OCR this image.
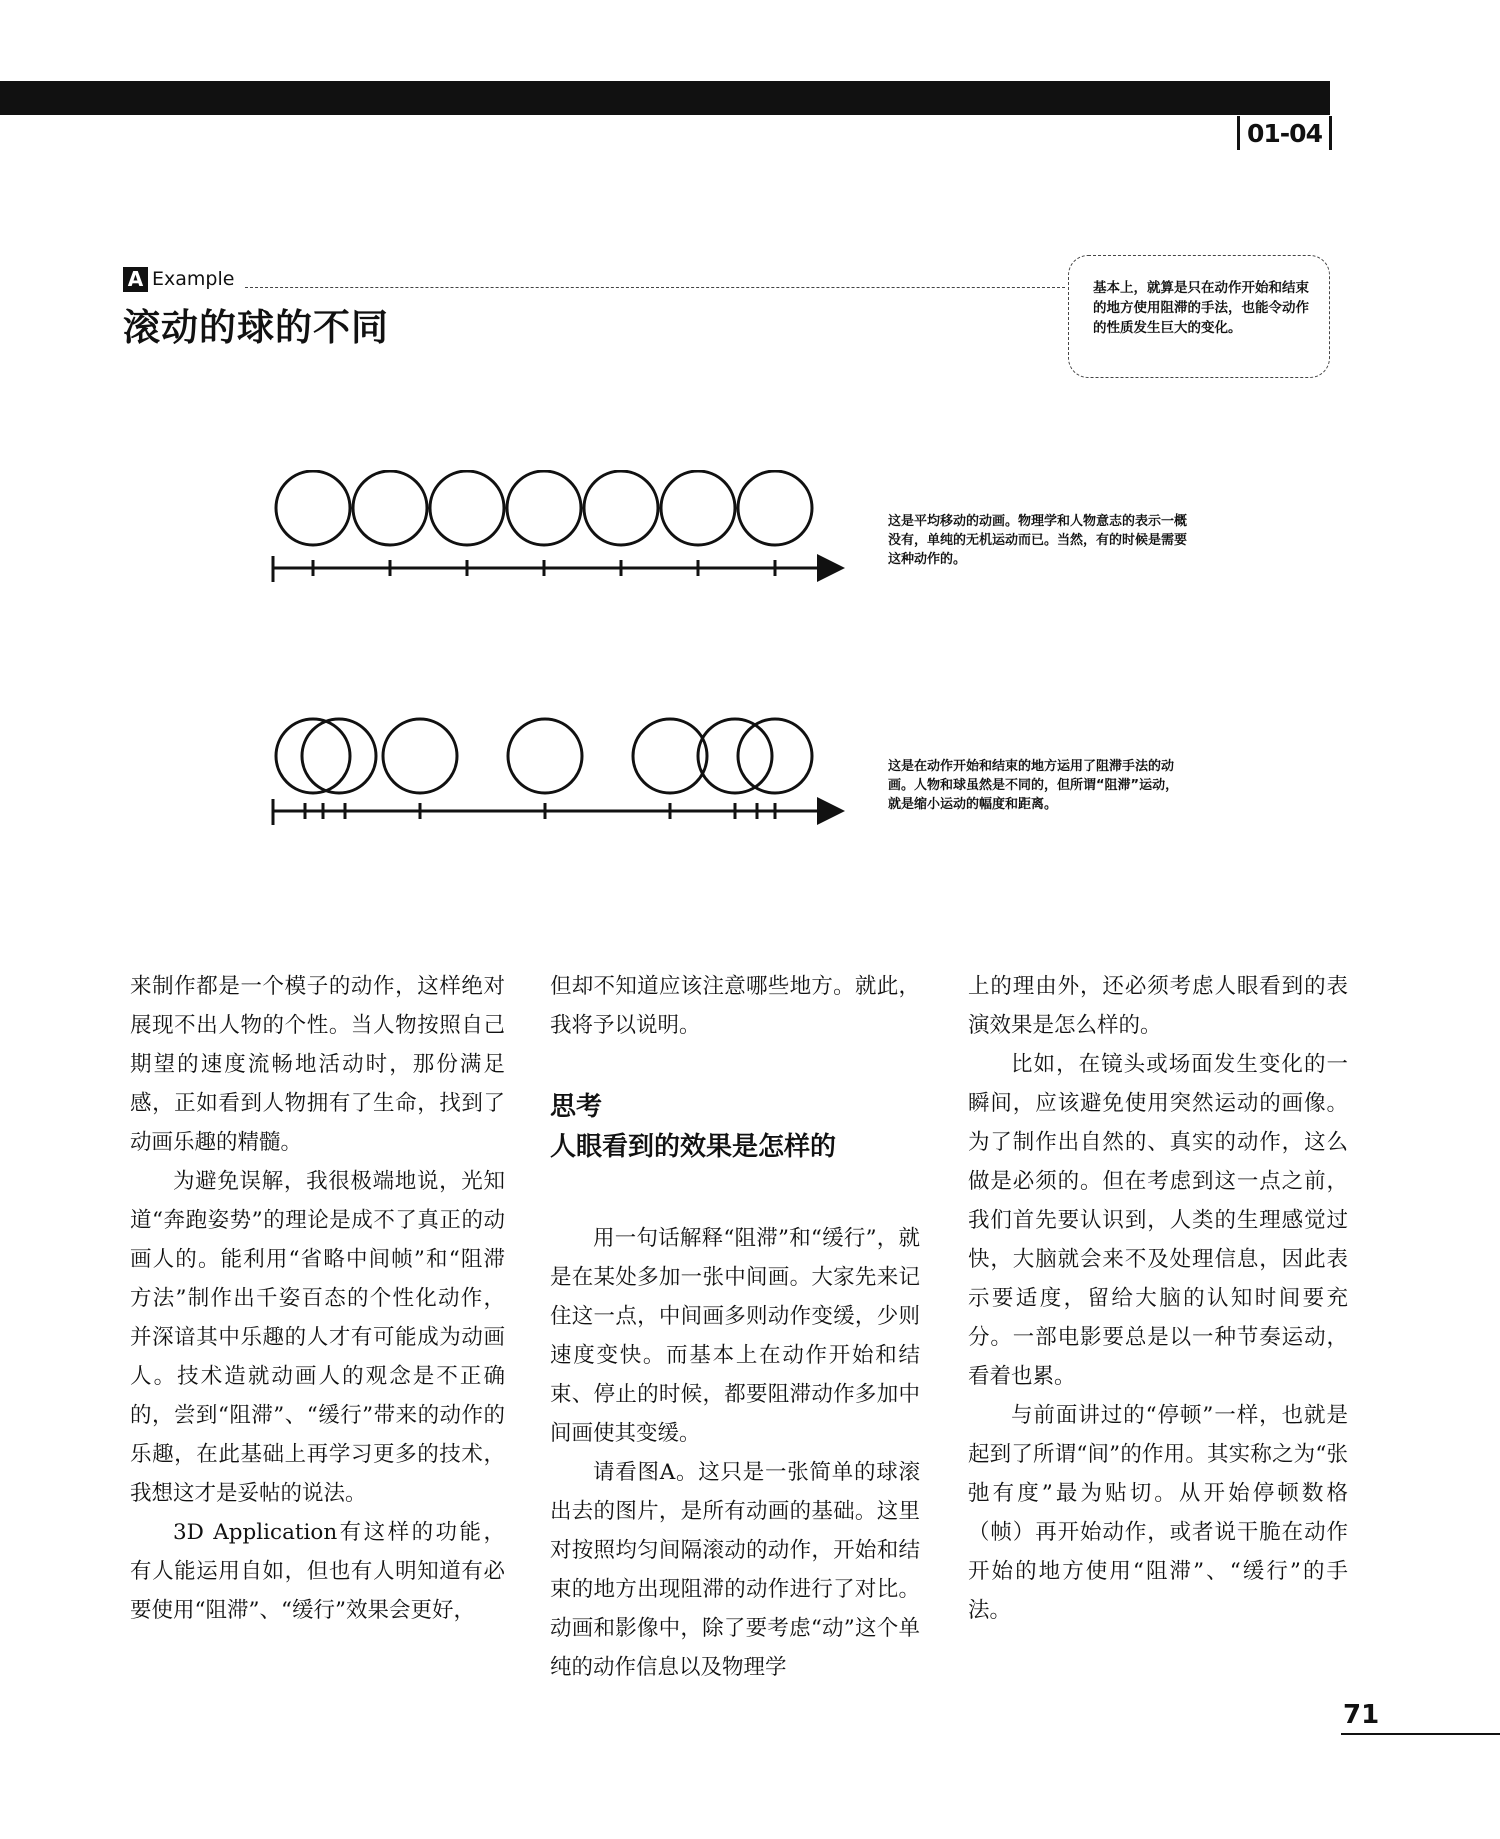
01-04
A Example
滚动的球的不同
基本上，就算是只在动作开始和结束的地方使用阻滞的手法，也能令动作的性质发生巨大的变化。
这是平均移动的动画。物理学和人物意志的表示一概没有，单纯的无机运动而已。当然，有的时候是需要这种动作的。
这是在动作开始和结束的地方运用了阻滞手法的动画。人物和球虽然是不同的，但所谓“阻滞”运动，就是缩小运动的幅度和距离。

来制作都是一个模子的动作，这样绝对展现不出人物的个性。当人物按照自己期望的速度流畅地活动时，那份满足感，正如看到人物拥有了生命，找到了动画乐趣的精髓。

为避免误解，我很极端地说，光知道“奔跑姿势”的理论是成不了真正的动画人的。能利用“省略中间帧”和“阻滞方法”制作出千姿百态的个性化动作，并深谙其中乐趣的人才有可能成为动画人。技术造就动画人的观念是不正确的，尝到“阻滞”、“缓行”带来的动作的乐趣，在此基础上再学习更多的技术，我想这才是妥帖的说法。

3D Application有这样的功能，有人能运用自如，但也有人明知道有必要使用“阻滞”、“缓行”效果会更好，

但却不知道应该注意哪些地方。就此，我将予以说明。

思考
人眼看到的效果是怎样的

用一句话解释“阻滞”和“缓行”，就是在某处多加一张中间画。大家先来记住这一点，中间画多则动作变缓，少则速度变快。而基本上在动作开始和结束、停止的时候，都要阻滞动作多加中间画使其变缓。

请看图A。这只是一张简单的球滚出去的图片，是所有动画的基础。这里对按照均匀间隔滚动的动作，开始和结束的地方出现阻滞的动作进行了对比。动画和影像中，除了要考虑“动”这个单纯的动作信息以及物理学

上的理由外，还必须考虑人眼看到的表演效果是怎么样的。

比如，在镜头或场面发生变化的一瞬间，应该避免使用突然运动的画像。为了制作出自然的、真实的动作，这么做是必须的。但在考虑到这一点之前，我们首先要认识到，人类的生理感觉过快，大脑就会来不及处理信息，因此表示要适度，留给大脑的认知时间要充分。一部电影要总是以一种节奏运动，看着也累。

与前面讲过的“停顿”一样，也就是起到了所谓“间”的作用。其实称之为“张弛有度”最为贴切。从开始停顿数格（帧）再开始动作，或者说干脆在动作开始的地方使用“阻滞”、“缓行”的手法。

71
